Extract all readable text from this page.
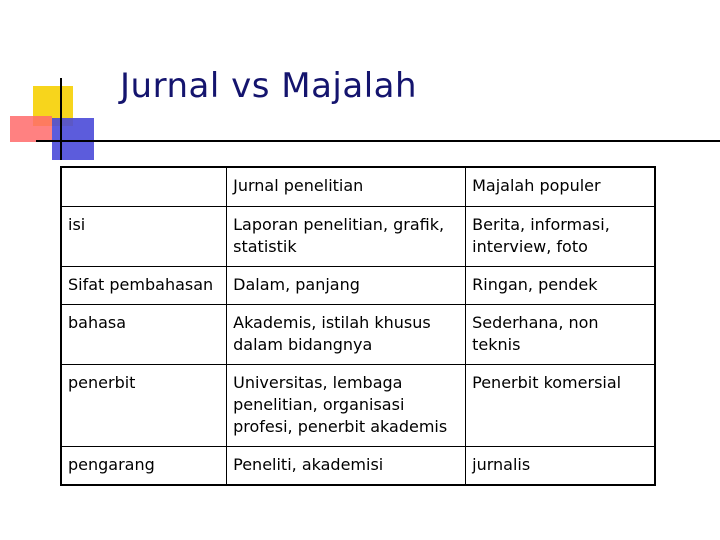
Jurnal vs Majalah
	Jurnal penelitian	Majalah populer
isi	Laporan penelitian, grafik, statistik	Berita, informasi, interview, foto
Sifat pembahasan	Dalam, panjang	Ringan, pendek
bahasa	Akademis, istilah khusus dalam bidangnya	Sederhana, non teknis
penerbit	Universitas, lembaga penelitian, organisasi profesi, penerbit akademis	Penerbit komersial
pengarang	Peneliti, akademisi	jurnalis
